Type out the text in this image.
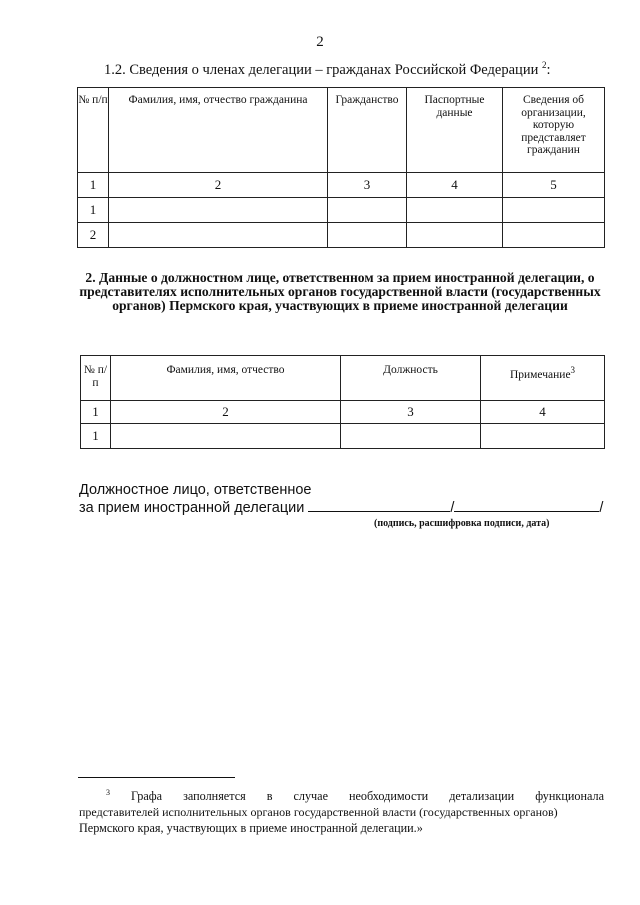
2
1.2. Сведения о членах делегации – гражданах Российской Федерации $^2$:
№ п/п	Фамилия, имя, отчество гражданина	Гражданство	Паспортные данные	Сведения об организации, которую представляет гражданин
1	2	3	4	5
1				
2				
2. Данные о должностном лице, ответственном за прием иностранной делегации, о представителях исполнительных органов государственной власти (государственных органов) Пермского края, участвующих в приеме иностранной делегации
№ п/п	Фамилия, имя, отчество	Должность	Примечание$^3$
1	2	3	4
1			
Должностное лицо, ответственное
за прием иностранной делегации	/	/
(подпись, расшифровка подписи, дата)
$^3$ Графа заполняется в случае необходимости детализации функционала
представителей исполнительных органов государственной власти (государственных органов)
Пермского края, участвующих в приеме иностранной делегации.»
